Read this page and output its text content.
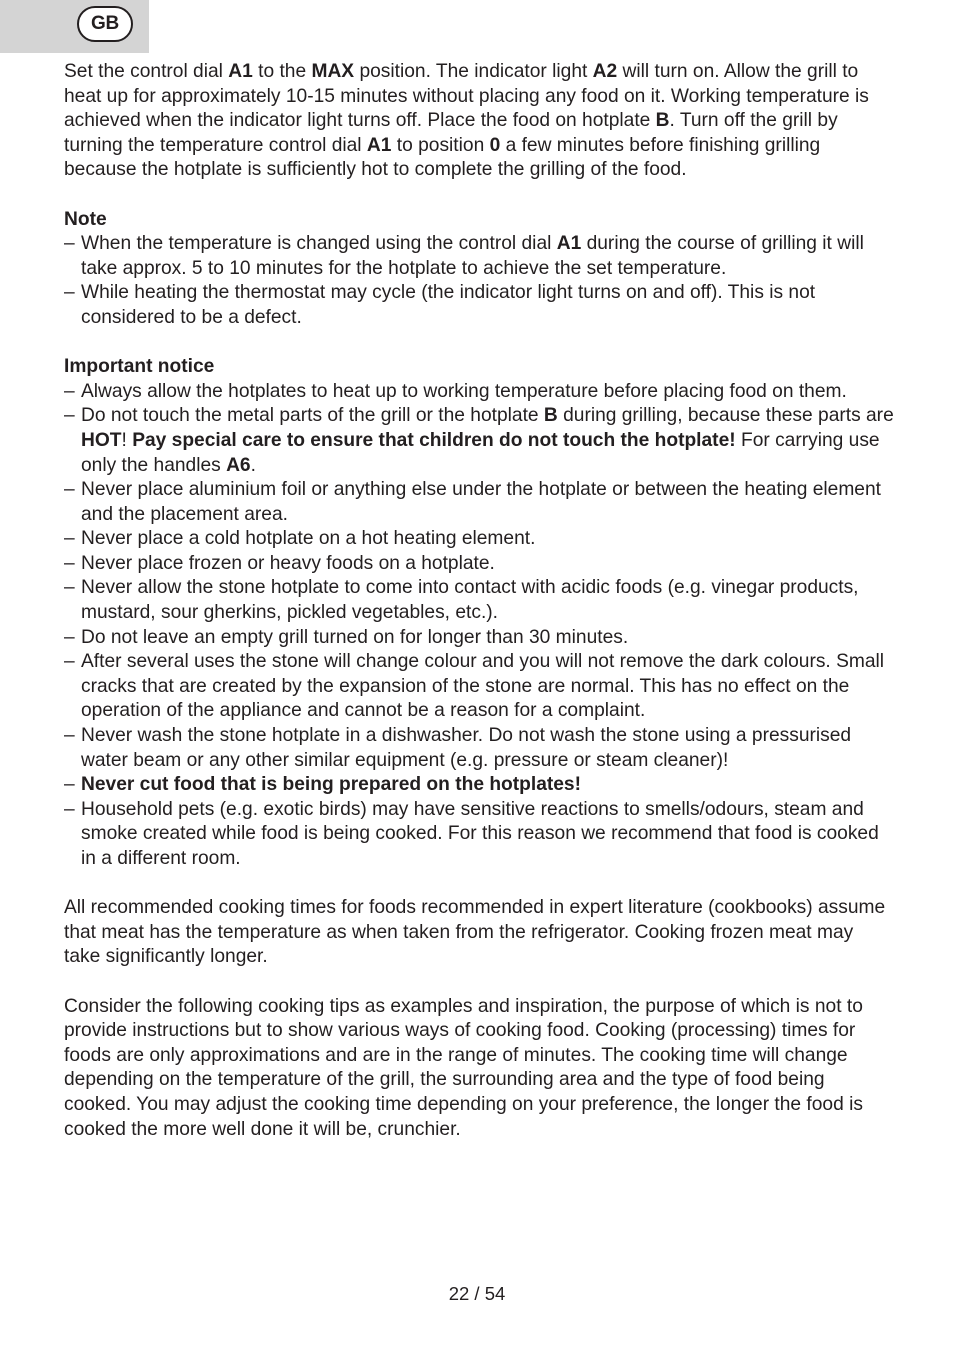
GB

Set the control dial A1 to the MAX position. The indicator light A2 will turn on. Allow the grill to heat up for approximately 10-15 minutes without placing any food on it. Working temperature is achieved when the indicator light turns off. Place the food on hotplate B. Turn off the grill by turning the temperature control dial A1 to position 0 a few minutes before finishing grilling because the hotplate is sufficiently hot to complete the grilling of the food.

Note

– When the temperature is changed using the control dial A1 during the course of grilling it will take approx. 5 to 10 minutes for the hotplate to achieve the set temperature.
– While heating the thermostat may cycle (the indicator light turns on and off). This is not considered to be a defect.

Important notice

– Always allow the hotplates to heat up to working temperature before placing food on them.
– Do not touch the metal parts of the grill or the hotplate B during grilling, because these parts are HOT! Pay special care to ensure that children do not touch the hotplate! For carrying use only the handles A6.
– Never place aluminium foil or anything else under the hotplate or between the heating element and the placement area.
– Never place a cold hotplate on a hot heating element.
– Never place frozen or heavy foods on a hotplate.
– Never allow the stone hotplate to come into contact with acidic foods (e.g. vinegar products, mustard, sour gherkins, pickled vegetables, etc.).
– Do not leave an empty grill turned on for longer than 30 minutes.
– After several uses the stone will change colour and you will not remove the dark colours. Small cracks that are created by the expansion of the stone are normal. This has no effect on the operation of the appliance and cannot be a reason for a complaint.
– Never wash the stone hotplate in a dishwasher. Do not wash the stone using a pressurised water beam or any other similar equipment (e.g. pressure or steam cleaner)!
– Never cut food that is being prepared on the hotplates!
– Household pets (e.g. exotic birds) may have sensitive reactions to smells/odours, steam and smoke created while food is being cooked. For this reason we recommend that food is cooked in a different room.

All recommended cooking times for foods recommended in expert literature (cookbooks) assume that meat has the temperature as when taken from the refrigerator. Cooking frozen meat may take significantly longer.

Consider the following cooking tips as examples and inspiration, the purpose of which is not to provide instructions but to show various ways of cooking food. Cooking (processing) times for foods are only approximations and are in the range of minutes. The cooking time will change depending on the temperature of the grill, the surrounding area and the type of food being cooked. You may adjust the cooking time depending on your preference, the longer the food is cooked the more well done it will be, crunchier.

22 / 54
